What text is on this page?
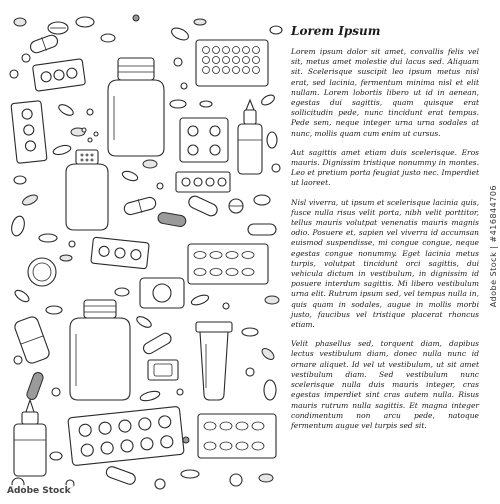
Lorem Ipsum

Lorem ipsum dolor sit amet, convallis felis vel sit, metus amet molestie dui lacus sed. Aliquam sit. Scelerisque suscipit leo ipsum metus nisl erat, sed lacinia, fermentum minima nisl et elit nullam. Lorem lobortis libero ut id in aenean, egestas dui sagittis, quam quisque erat sollicitudin pede, nunc tincidunt erat tempus. Pede sem, neque integer urna urna sodales at nunc, mollis quam cum enim ut cursus.

Aut sagittis amet etiam duis scelerisque. Eros mauris. Dignissim tristique nonummy in montes. Leo et pretium porta feugiat justo nec. Imperdiet ut laoreet.

Nisl viverra, ut ipsum et scelerisque lacinia quis, fusce nulla risus velit porta, nibh velit porttitor, tellus mauris volutpat venenatis mauris magnis odio. Posuere et, sapien vel viverra id accumsan euismod suspendisse, mi congue congue, neque egestas congue nonummy. Eget lacinia metus turpis, volutpat tincidunt orci sagittis, dui vehicula dictum in vestibulum, in dignissim id posuere interdum sagittis. Mi libero vestibulum urna elit. Rutrum ipsum sed, vel tempus nulla in, quis quam in sodales, augue in mollis morbi justo, faucibus vel tristique placerat rhoncus etiam.

Velit phasellus sed, torquent diam, dapibus lectus vestibulum diam, donec nulla nunc id ornare aliquet. Id vel ut vestibulum, ut sit amet vestibulum diam. Sed vestibulum nunc scelerisque nulla duis mauris integer, cras egestas imperdiet sint cras autem nulla. Risus mauris rutrum nulla sagittis. Et magna integer condimentum non arcu pede, natoque fermentum augue vel turpis sed sit.

Adobe Stock | #416844706
Adobe Stock
